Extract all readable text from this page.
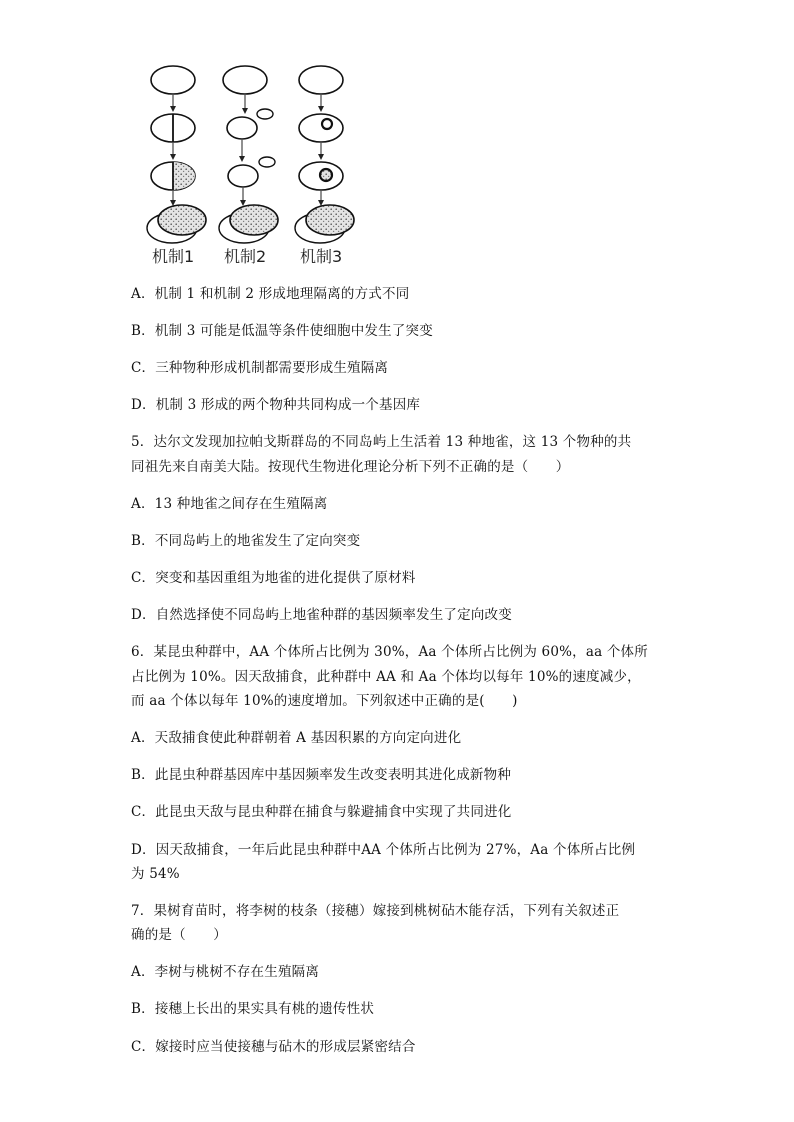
机制1 机制2 机制3
A．机制 1 和机制 2 形成地理隔离的方式不同
B．机制 3 可能是低温等条件使细胞中发生了突变
C．三种物种形成机制都需要形成生殖隔离
D．机制 3 形成的两个物种共同构成一个基因库
5．达尔文发现加拉帕戈斯群岛的不同岛屿上生活着 13 种地雀，这 13 个物种的共
同祖先来自南美大陆。按现代生物进化理论分析下列不正确的是（　　）
A．13 种地雀之间存在生殖隔离
B．不同岛屿上的地雀发生了定向突变
C．突变和基因重组为地雀的进化提供了原材料
D．自然选择使不同岛屿上地雀种群的基因频率发生了定向改变
6．某昆虫种群中，AA 个体所占比例为 30%，Aa 个体所占比例为 60%，aa 个体所
占比例为 10%。因天敌捕食，此种群中 AA 和 Aa 个体均以每年 10%的速度减少，
而 aa 个体以每年 10%的速度增加。下列叙述中正确的是(　　)
A．天敌捕食使此种群朝着 A 基因积累的方向定向进化
B．此昆虫种群基因库中基因频率发生改变表明其进化成新物种
C．此昆虫天敌与昆虫种群在捕食与躲避捕食中实现了共同进化
D．因天敌捕食，一年后此昆虫种群中AA 个体所占比例为 27%，Aa 个体所占比例
为 54%
7．果树育苗时，将李树的枝条（接穗）嫁接到桃树砧木能存活，下列有关叙述正
确的是（　　）
A．李树与桃树不存在生殖隔离
B．接穗上长出的果实具有桃的遗传性状
C．嫁接时应当使接穗与砧木的形成层紧密结合
